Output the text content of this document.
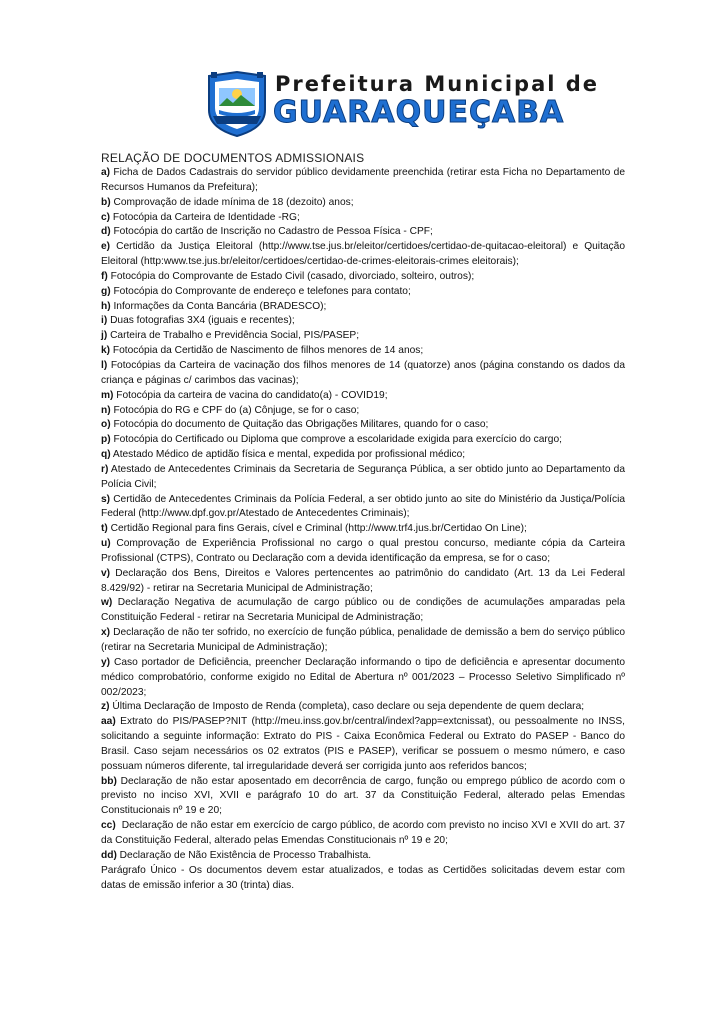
Prefeitura Municipal de
GUARAQUEÇABA
RELAÇÃO DE DOCUMENTOS ADMISSIONAIS

a) Ficha de Dados Cadastrais do servidor público devidamente preenchida (retirar esta Ficha no Departamento de Recursos Humanos da Prefeitura);

b) Comprovação de idade mínima de 18 (dezoito) anos;

c) Fotocópia da Carteira de Identidade -RG;

d) Fotocópia do cartão de Inscrição no Cadastro de Pessoa Física - CPF;

e) Certidão da Justiça Eleitoral (http://www.tse.jus.br/eleitor/certidoes/certidao-de-quitacao-eleitoral) e Quitação Eleitoral (http:www.tse.jus.br/eleitor/certidoes/certidao-de-crimes-eleitorais-crimes eleitorais);

f) Fotocópia do Comprovante de Estado Civil (casado, divorciado, solteiro, outros);

g) Fotocópia do Comprovante de endereço e telefones para contato;

h) Informações da Conta Bancária (BRADESCO);

i) Duas fotografias 3X4 (iguais e recentes);

j) Carteira de Trabalho e Previdência Social, PIS/PASEP;

k) Fotocópia da Certidão de Nascimento de filhos menores de 14 anos;

l) Fotocópias da Carteira de vacinação dos filhos menores de 14 (quatorze) anos (página constando os dados da criança e páginas c/ carimbos das vacinas);

m) Fotocópia da carteira de vacina do candidato(a) - COVID19;

n) Fotocópia do RG e CPF do (a) Cônjuge, se for o caso;

o) Fotocópia do documento de Quitação das Obrigações Militares, quando for o caso;

p) Fotocópia do Certificado ou Diploma que comprove a escolaridade exigida para exercício do cargo;

q) Atestado Médico de aptidão física e mental, expedida por profissional médico;

r) Atestado de Antecedentes Criminais da Secretaria de Segurança Pública, a ser obtido junto ao Departamento da Polícia Civil;

s) Certidão de Antecedentes Criminais da Polícia Federal, a ser obtido junto ao site do Ministério da Justiça/Polícia Federal (http://www.dpf.gov.pr/Atestado de Antecedentes Criminais);

t) Certidão Regional para fins Gerais, cível e Criminal (http://www.trf4.jus.br/Certidao On Line);

u) Comprovação de Experiência Profissional no cargo o qual prestou concurso, mediante cópia da Carteira Profissional (CTPS), Contrato ou Declaração com a devida identificação da empresa, se for o caso;

v) Declaração dos Bens, Direitos e Valores pertencentes ao patrimônio do candidato (Art. 13 da Lei Federal 8.429/92) - retirar na Secretaria Municipal de Administração;

w) Declaração Negativa de acumulação de cargo público ou de condições de acumulações amparadas pela Constituição Federal - retirar na Secretaria Municipal de Administração;

x) Declaração de não ter sofrido, no exercício de função pública, penalidade de demissão a bem do serviço público (retirar na Secretaria Municipal de Administração);

y) Caso portador de Deficiência, preencher Declaração informando o tipo de deficiência e apresentar documento médico comprobatório, conforme exigido no Edital de Abertura nº 001/2023 – Processo Seletivo Simplificado nº 002/2023;

z) Última Declaração de Imposto de Renda (completa), caso declare ou seja dependente de quem declara;

aa) Extrato do PIS/PASEP?NIT (http://meu.inss.gov.br/central/indexl?app=extcnissat), ou pessoalmente no INSS, solicitando a seguinte informação: Extrato do PIS - Caixa Econômica Federal ou Extrato do PASEP - Banco do Brasil. Caso sejam necessários os 02 extratos (PIS e PASEP), verificar se possuem o mesmo número, e caso possuam números diferente, tal irregularidade deverá ser corrigida junto aos referidos bancos;

bb) Declaração de não estar aposentado em decorrência de cargo, função ou emprego público de acordo com o previsto no inciso XVI, XVII e parágrafo 10 do art. 37 da Constituição Federal, alterado pelas Emendas Constitucionais nº 19 e 20;

cc)  Declaração de não estar em exercício de cargo público, de acordo com previsto no inciso XVI e XVII do art. 37 da Constituição Federal, alterado pelas Emendas Constitucionais nº 19 e 20;

dd) Declaração de Não Existência de Processo Trabalhista.

Parágrafo Único - Os documentos devem estar atualizados, e todas as Certidões solicitadas devem estar com datas de emissão inferior a 30 (trinta) dias.
